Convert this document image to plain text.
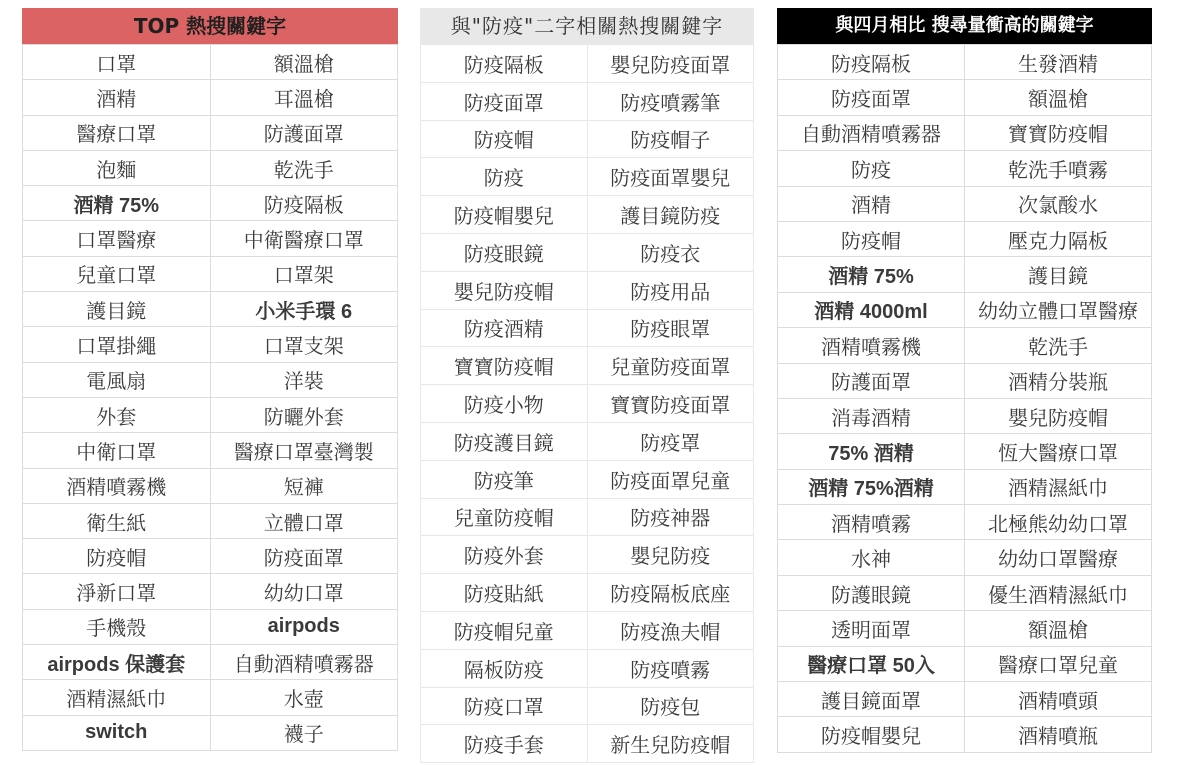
TOP 熱搜關鍵字
口罩	額溫槍
酒精	耳溫槍
醫療口罩	防護面罩
泡麵	乾洗手
酒精 75%	防疫隔板
口罩醫療	中衛醫療口罩
兒童口罩	口罩架
護目鏡	小米手環 6
口罩掛繩	口罩支架
電風扇	洋裝
外套	防曬外套
中衛口罩	醫療口罩臺灣製
酒精噴霧機	短褲
衛生紙	立體口罩
防疫帽	防疫面罩
淨新口罩	幼幼口罩
手機殼	airpods
airpods 保護套	自動酒精噴霧器
酒精濕紙巾	水壺
switch	襪子
與"防疫"二字相關熱搜關鍵字
防疫隔板	嬰兒防疫面罩
防疫面罩	防疫噴霧筆
防疫帽	防疫帽子
防疫	防疫面罩嬰兒
防疫帽嬰兒	護目鏡防疫
防疫眼鏡	防疫衣
嬰兒防疫帽	防疫用品
防疫酒精	防疫眼罩
寶寶防疫帽	兒童防疫面罩
防疫小物	寶寶防疫面罩
防疫護目鏡	防疫罩
防疫筆	防疫面罩兒童
兒童防疫帽	防疫神器
防疫外套	嬰兒防疫
防疫貼紙	防疫隔板底座
防疫帽兒童	防疫漁夫帽
隔板防疫	防疫噴霧
防疫口罩	防疫包
防疫手套	新生兒防疫帽
與四月相比 搜尋量衝高的關鍵字
防疫隔板	生發酒精
防疫面罩	額溫槍
自動酒精噴霧器	寶寶防疫帽
防疫	乾洗手噴霧
酒精	次氯酸水
防疫帽	壓克力隔板
酒精 75%	護目鏡
酒精 4000ml	幼幼立體口罩醫療
酒精噴霧機	乾洗手
防護面罩	酒精分裝瓶
消毒酒精	嬰兒防疫帽
75% 酒精	恆大醫療口罩
酒精 75%酒精	酒精濕紙巾
酒精噴霧	北極熊幼幼口罩
水神	幼幼口罩醫療
防護眼鏡	優生酒精濕紙巾
透明面罩	額溫槍
醫療口罩 50入	醫療口罩兒童
護目鏡面罩	酒精噴頭
防疫帽嬰兒	酒精噴瓶
